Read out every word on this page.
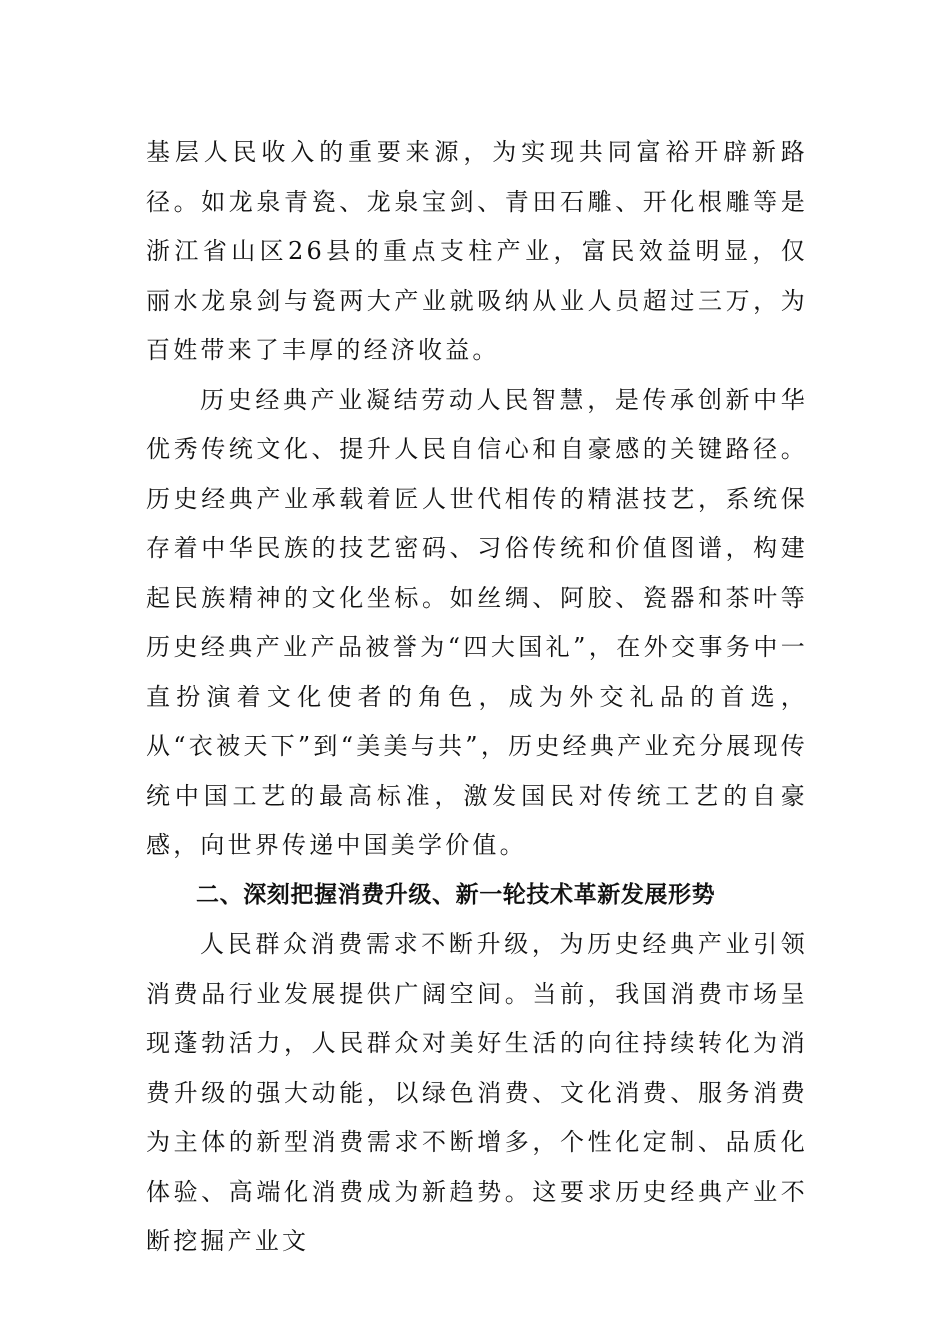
基层人民收入的重要来源，为实现共同富裕开辟新路径。如龙泉青瓷、龙泉宝剑、青田石雕、开化根雕等是浙江省山区26县的重点支柱产业，富民效益明显，仅丽水龙泉剑与瓷两大产业就吸纳从业人员超过三万，为百姓带来了丰厚的经济收益。

历史经典产业凝结劳动人民智慧，是传承创新中华优秀传统文化、提升人民自信心和自豪感的关键路径。历史经典产业承载着匠人世代相传的精湛技艺，系统保存着中华民族的技艺密码、习俗传统和价值图谱，构建起民族精神的文化坐标。如丝绸、阿胶、瓷器和茶叶等历史经典产业产品被誉为“四大国礼”，在外交事务中一直扮演着文化使者的角色，成为外交礼品的首选，从“衣被天下”到“美美与共”，历史经典产业充分展现传统中国工艺的最高标准，激发国民对传统工艺的自豪感，向世界传递中国美学价值。

二、深刻把握消费升级、新一轮技术革新发展形势

人民群众消费需求不断升级，为历史经典产业引领消费品行业发展提供广阔空间。当前，我国消费市场呈现蓬勃活力，人民群众对美好生活的向往持续转化为消费升级的强大动能，以绿色消费、文化消费、服务消费为主体的新型消费需求不断增多，个性化定制、品质化体验、高端化消费成为新趋势。这要求历史经典产业不断挖掘产业文
